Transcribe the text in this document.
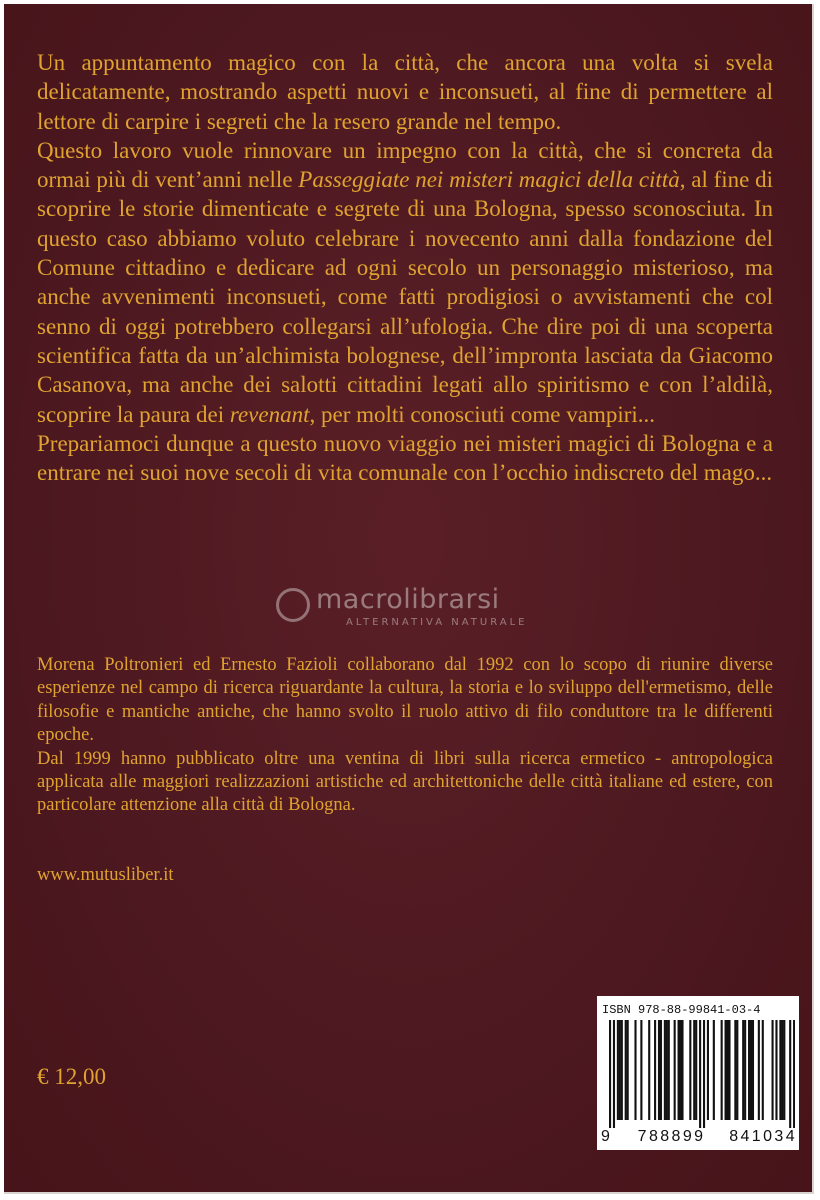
Un appuntamento magico con la città, che ancora una volta si svela delicatamente, mostrando aspetti nuovi e inconsueti, al fine di permettere al lettore di carpire i segreti che la resero grande nel tempo.

Questo lavoro vuole rinnovare un impegno con la città, che si concreta da ormai più di vent’anni nelle Passeggiate nei misteri magici della città, al fine di scoprire le storie dimenticate e segrete di una Bologna, spesso sconosciuta. In questo caso abbiamo voluto celebrare i novecento anni dalla fondazione del Comune cittadino e dedicare ad ogni secolo un personaggio misterioso, ma anche avvenimenti inconsueti, come fatti prodigiosi o avvistamenti che col senno di oggi potrebbero collegarsi all’ufologia. Che dire poi di una scoperta scientifica fatta da un’alchimista bolognese, dell’impronta lasciata da Giacomo Casanova, ma anche dei salotti cittadini legati allo spiritismo e con l’aldilà, scoprire la paura dei revenant, per molti conosciuti come vampiri...

Prepariamoci dunque a questo nuovo viaggio nei misteri magici di Bologna e a entrare nei suoi nove secoli di vita comunale con l’occhio indiscreto del mago...

macrolibrarsi
ALTERNATIVA NATURALE

Morena Poltronieri ed Ernesto Fazioli collaborano dal 1992 con lo scopo di riunire diverse esperienze nel campo di ricerca riguardante la cultura, la storia e lo sviluppo dell'ermetismo, delle filosofie e mantiche antiche, che hanno svolto il ruolo attivo di filo conduttore tra le differenti epoche.

Dal 1999 hanno pubblicato oltre una ventina di libri sulla ricerca ermetico - antropologica applicata alle maggiori realizzazioni artistiche ed architettoniche delle città italiane ed estere, con particolare attenzione alla città di Bologna.

www.mutusliber.it
€ 12,00
ISBN 978-88-99841-03-4
9 788899 841034
